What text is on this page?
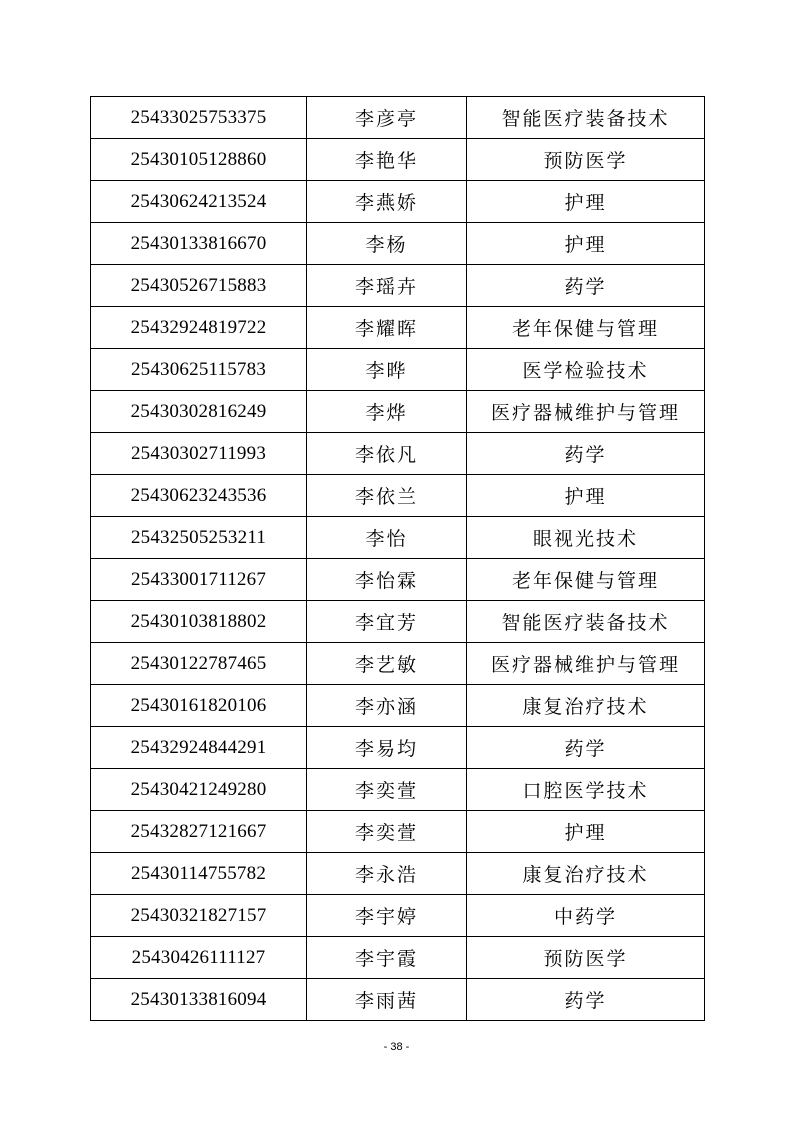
25433025753375	李彦亭	智能医疗装备技术
25430105128860	李艳华	预防医学
25430624213524	李燕娇	护理
25430133816670	李杨	护理
25430526715883	李瑶卉	药学
25432924819722	李耀晖	老年保健与管理
25430625115783	李晔	医学检验技术
25430302816249	李烨	医疗器械维护与管理
25430302711993	李依凡	药学
25430623243536	李依兰	护理
25432505253211	李怡	眼视光技术
25433001711267	李怡霖	老年保健与管理
25430103818802	李宜芳	智能医疗装备技术
25430122787465	李艺敏	医疗器械维护与管理
25430161820106	李亦涵	康复治疗技术
25432924844291	李易均	药学
25430421249280	李奕萱	口腔医学技术
25432827121667	李奕萱	护理
25430114755782	李永浩	康复治疗技术
25430321827157	李宇婷	中药学
25430426111127	李宇霞	预防医学
25430133816094	李雨茜	药学
- 38 -
